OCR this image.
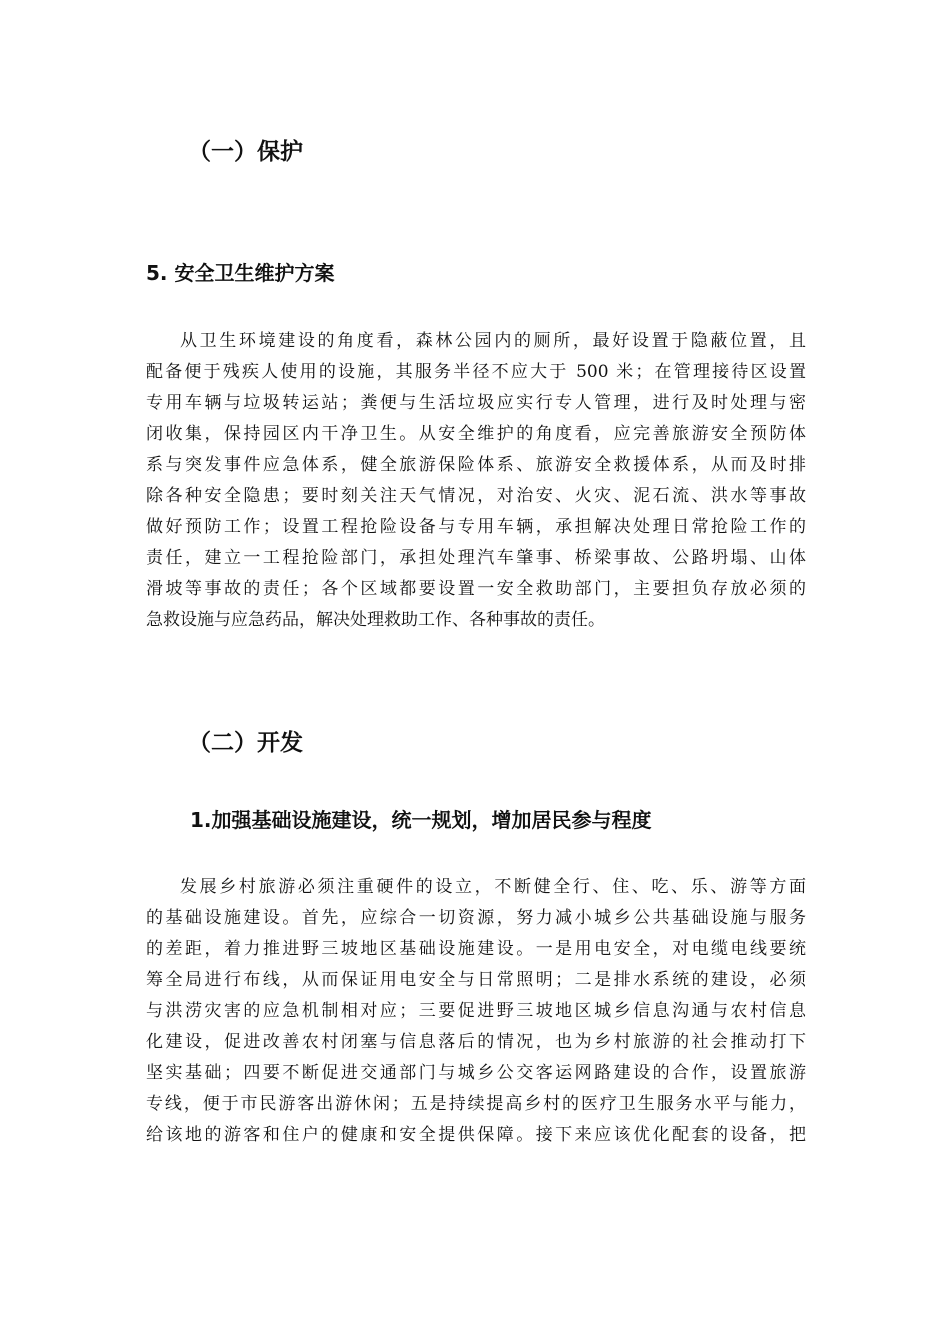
（一）保护
5. 安全卫生维护方案
从卫生环境建设的角度看，森林公园内的厕所，最好设置于隐蔽位置，且
配备便于残疾人使用的设施，其服务半径不应大于 500 米；在管理接待区设置
专用车辆与垃圾转运站；粪便与生活垃圾应实行专人管理，进行及时处理与密
闭收集，保持园区内干净卫生。从安全维护的角度看，应完善旅游安全预防体
系与突发事件应急体系，健全旅游保险体系、旅游安全救援体系，从而及时排
除各种安全隐患；要时刻关注天气情况，对治安、火灾、泥石流、洪水等事故
做好预防工作；设置工程抢险设备与专用车辆，承担解决处理日常抢险工作的
责任，建立一工程抢险部门，承担处理汽车肇事、桥梁事故、公路坍塌、山体
滑坡等事故的责任；各个区域都要设置一安全救助部门，主要担负存放必须的
急救设施与应急药品，解决处理救助工作、各种事故的责任。
（二）开发
1.加强基础设施建设，统一规划，增加居民参与程度
发展乡村旅游必须注重硬件的设立，不断健全行、住、吃、乐、游等方面
的基础设施建设。首先，应综合一切资源，努力减小城乡公共基础设施与服务
的差距，着力推进野三坡地区基础设施建设。一是用电安全，对电缆电线要统
筹全局进行布线，从而保证用电安全与日常照明；二是排水系统的建设，必须
与洪涝灾害的应急机制相对应；三要促进野三坡地区城乡信息沟通与农村信息
化建设，促进改善农村闭塞与信息落后的情况，也为乡村旅游的社会推动打下
坚实基础；四要不断促进交通部门与城乡公交客运网路建设的合作，设置旅游
专线，便于市民游客出游休闲；五是持续提高乡村的医疗卫生服务水平与能力，
给该地的游客和住户的健康和安全提供保障。接下来应该优化配套的设备，把
